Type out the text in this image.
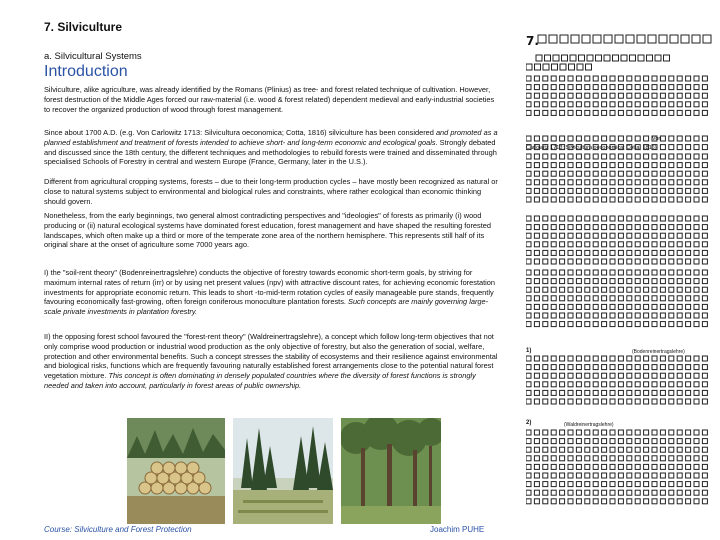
7. Silviculture
a. Silvicultural Systems
Introduction

Silviculture, alike agriculture, was already identified by the Romans (Plinius) as tree- and forest related technique of cultivation. However, forest destruction of the Middle Ages forced our raw-material (i.e. wood & forest related) dependent medieval and early-industrial societies to recover the organized production of wood through forest management.

Since about 1700 A.D. (e.g. Von Carlowitz 1713: Silvicultura oeconomica; Cotta, 1816) silviculture has been considered and promoted as a planned establishment and treatment of forests intended to achieve short- and long-term economic and ecological goals. Strongly debated and discussed since the 18th century, the different techniques and methodologies to rebuild forests were trained and disseminated through specialised Schools of Forestry in central and western Europe (France, Germany, later in the U.S.).

Different from agricultural cropping systems, forests – due to their long-term production cycles – have mostly been recognized as natural or close to natural systems subject to environmental and biological rules and constraints, where rather ecological than economic thinking should govern.

Nonetheless, from the early beginnings, two general almost contradicting perspectives and "ideologies" of forests as primarily (i) wood producing or (ii) natural ecological systems have dominated forest education, forest management and have shaped the resulting forested landscapes, which often make up a third or more of the temperate zone area of the northern hemisphere. This represents still half of its original share at the onset of agriculture some 7000 years ago.

I) the "soil-rent theory" (Bodenreinertragslehre) conducts the objective of forestry towards economic short-term goals, by striving for maximum internal rates of return (irr) or by using net present values (npv) with attractive discount rates, for achieving economic forestation investments for appropriate economic return. This leads to short -to-mid-term rotation cycles of easily manageable pure stands, frequently favouring economically fast-growing, often foreign coniferous monoculture plantation forests. Such concepts are mainly governing large-scale private investments in plantation forestry.

II) the opposing forest school favoured the "forest-rent theory" (Waldreinertragslehre), a concept which follow long-term objectives that not only comprise wood production or industrial wood production as the only objective of forestry, but also the generation of social, welfare, protection and other environmental benefits. Such a concept stresses the stability of ecosystems and their resilience against environmental and biological risks, functions which are frequently favouring naturally established forest arrangements close to the potential natural forest vegetation mixture. This concept is often dominating in densely populated countries where the diversity of forest functions is strongly needed and taken into account, particularly in forest areas of public ownership.

Course: Silviculture and Forest Protection	Joachim PUHE
7.
Von
Carlowitz 1713: Silvicultura oeconomica; Cotta, 1816)
1)	(Bodenreinertragslehre)
2)	(Waldreinertragslehre)
